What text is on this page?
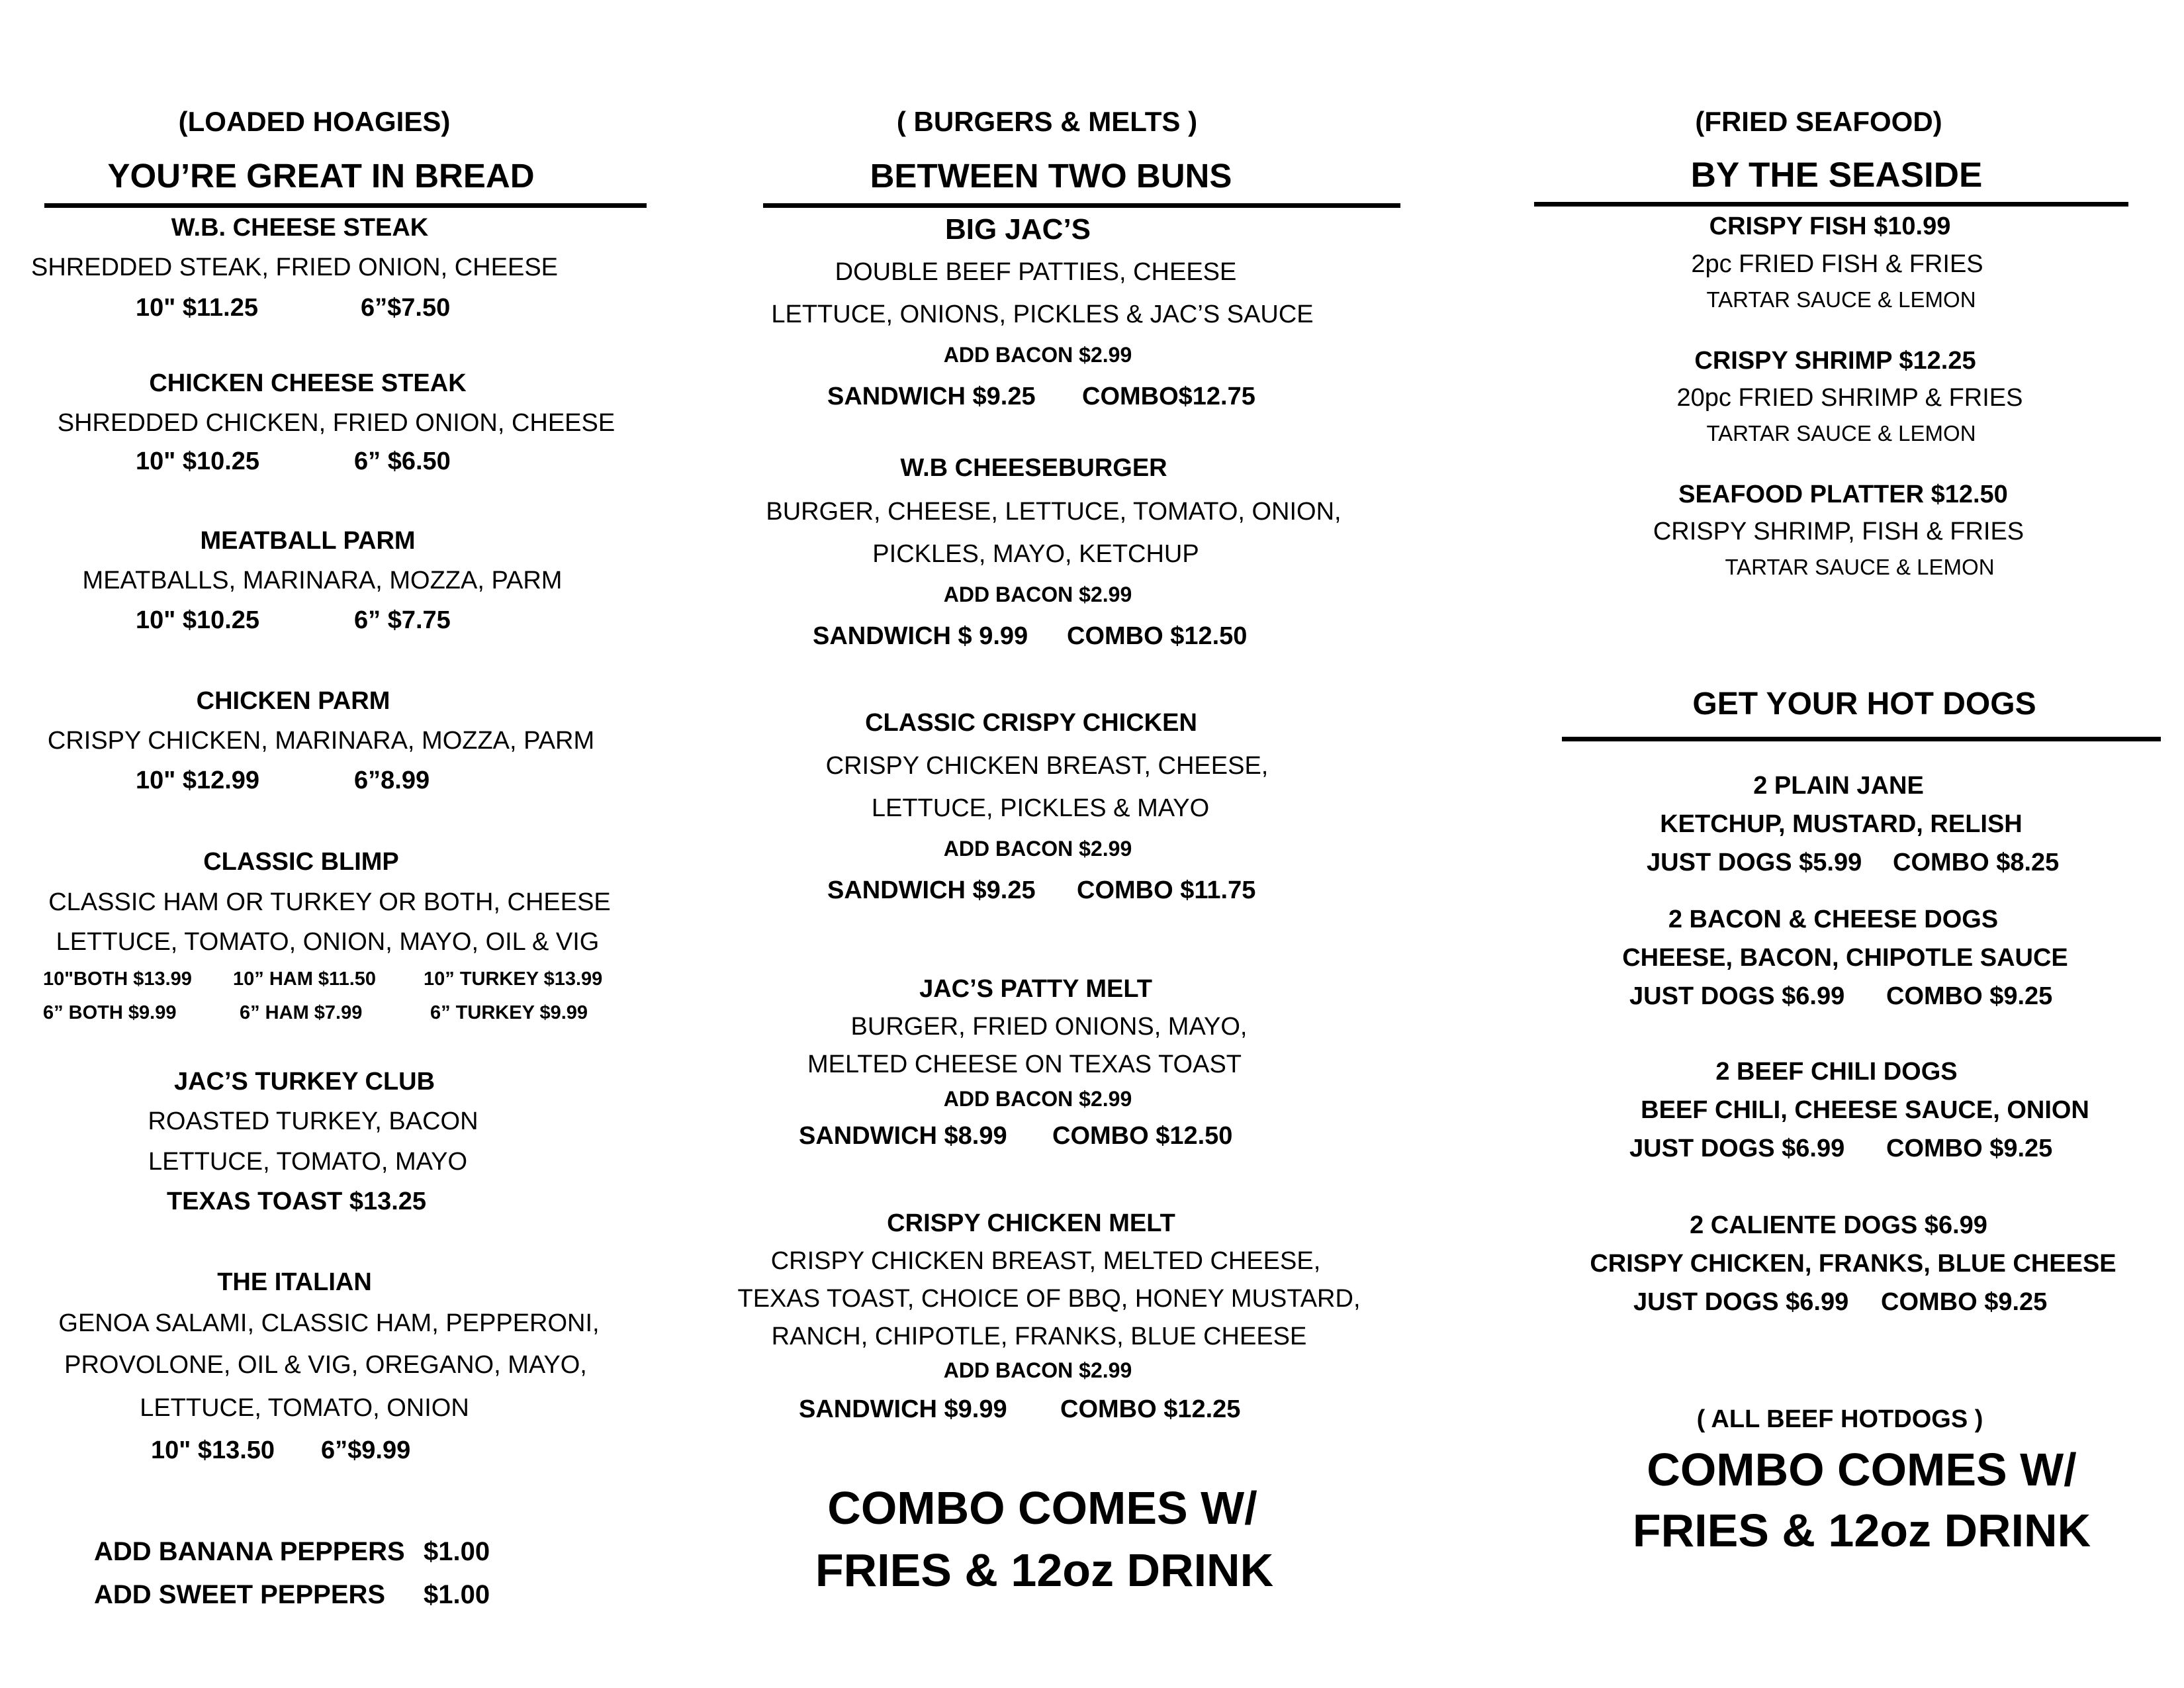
(LOADED HOAGIES)
YOU’RE GREAT IN BREAD
W.B. CHEESE STEAK
SHREDDED STEAK, FRIED ONION, CHEESE
10" $11.25	6”$7.50
CHICKEN CHEESE STEAK
SHREDDED CHICKEN, FRIED ONION, CHEESE
10" $10.25	6” $6.50
MEATBALL PARM
MEATBALLS, MARINARA, MOZZA, PARM
10" $10.25	6” $7.75
CHICKEN PARM
CRISPY CHICKEN, MARINARA, MOZZA, PARM
10" $12.99	6”8.99
CLASSIC BLIMP
CLASSIC HAM OR TURKEY OR BOTH, CHEESE
LETTUCE, TOMATO, ONION, MAYO, OIL & VIG
10"BOTH $13.99 10” HAM $11.50 10” TURKEY $13.99
6” BOTH $9.99	6” HAM $7.99	6” TURKEY $9.99
JAC’S TURKEY CLUB
ROASTED TURKEY, BACON
LETTUCE, TOMATO, MAYO
TEXAS TOAST $13.25
THE ITALIAN
GENOA SALAMI, CLASSIC HAM, PEPPERONI,
PROVOLONE, OIL & VIG, OREGANO, MAYO,
LETTUCE, TOMATO, ONION
10" $13.50 6”$9.99
ADD BANANA PEPPERS $1.00
ADD SWEET PEPPERS $1.00
( BURGERS & MELTS )
BETWEEN TWO BUNS
BIG JAC’S
DOUBLE BEEF PATTIES, CHEESE
LETTUCE, ONIONS, PICKLES & JAC’S SAUCE
ADD BACON $2.99
SANDWICH $9.25 COMBO$12.75
W.B CHEESEBURGER
BURGER, CHEESE, LETTUCE, TOMATO, ONION,
PICKLES, MAYO, KETCHUP
ADD BACON $2.99
SANDWICH $ 9.99 COMBO $12.50
CLASSIC CRISPY CHICKEN
CRISPY CHICKEN BREAST, CHEESE,
LETTUCE, PICKLES & MAYO
ADD BACON $2.99
SANDWICH $9.25 COMBO $11.75
JAC’S PATTY MELT
BURGER, FRIED ONIONS, MAYO,
MELTED CHEESE ON TEXAS TOAST
ADD BACON $2.99
SANDWICH $8.99 COMBO $12.50
CRISPY CHICKEN MELT
CRISPY CHICKEN BREAST, MELTED CHEESE,
TEXAS TOAST, CHOICE OF BBQ, HONEY MUSTARD,
RANCH, CHIPOTLE, FRANKS, BLUE CHEESE
ADD BACON $2.99
SANDWICH $9.99 COMBO $12.25
COMBO COMES W/
FRIES & 12oz DRINK
(FRIED SEAFOOD)
BY THE SEASIDE
CRISPY FISH $10.99
2pc FRIED FISH & FRIES
TARTAR SAUCE & LEMON
CRISPY SHRIMP $12.25
20pc FRIED SHRIMP & FRIES
TARTAR SAUCE & LEMON
SEAFOOD PLATTER $12.50
CRISPY SHRIMP, FISH & FRIES
TARTAR SAUCE & LEMON
GET YOUR HOT DOGS
2 PLAIN JANE
KETCHUP, MUSTARD, RELISH
JUST DOGS $5.99 COMBO $8.25
2 BACON & CHEESE DOGS
CHEESE, BACON, CHIPOTLE SAUCE
JUST DOGS $6.99 COMBO $9.25
2 BEEF CHILI DOGS
BEEF CHILI, CHEESE SAUCE, ONION
JUST DOGS $6.99 COMBO $9.25
2 CALIENTE DOGS $6.99
CRISPY CHICKEN, FRANKS, BLUE CHEESE
JUST DOGS $6.99 COMBO $9.25
( ALL BEEF HOTDOGS )
COMBO COMES W/
FRIES & 12oz DRINK
